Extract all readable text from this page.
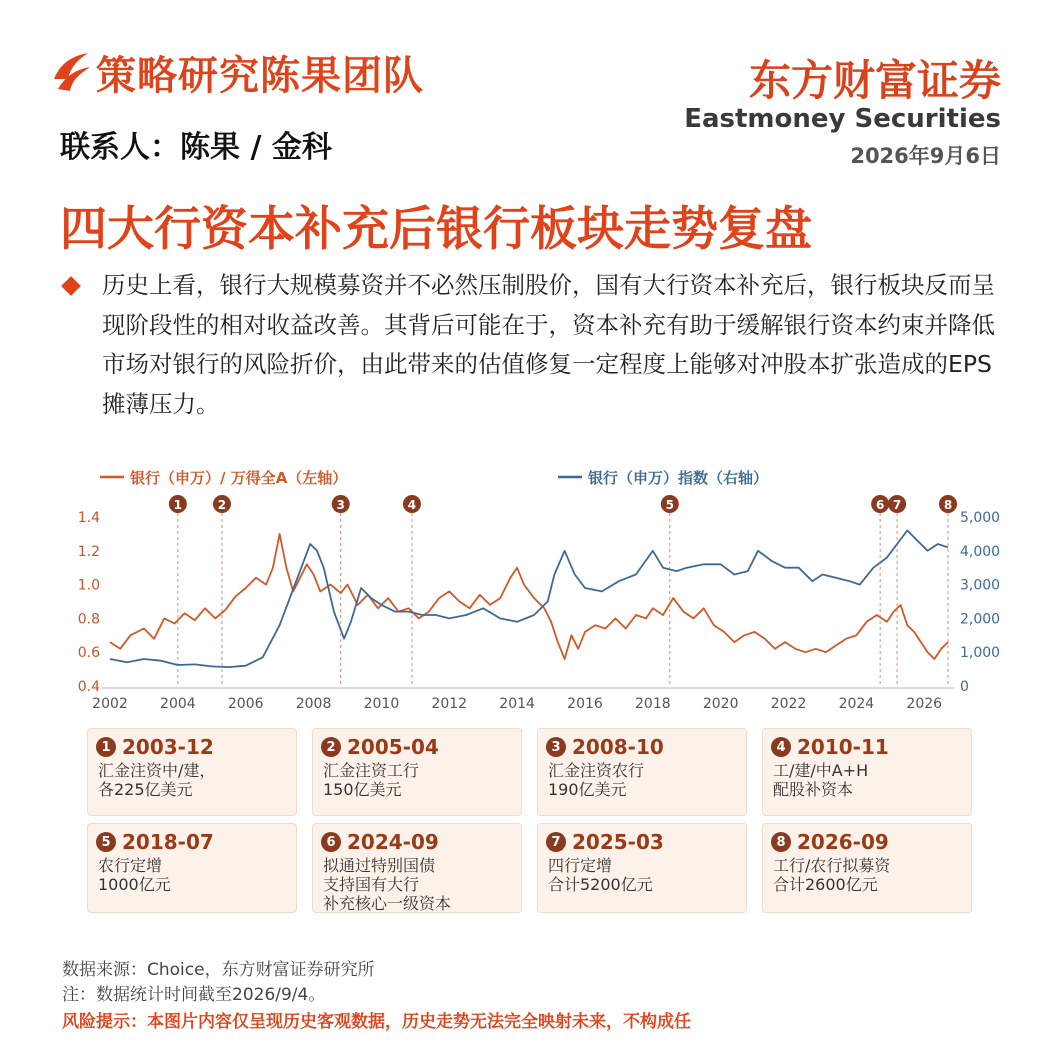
策略研究陈果团队
联系人：陈果 / 金科
东方财富证券
Eastmoney Securities
2026年9月6日
四大行资本补充后银行板块走势复盘
历史上看，银行大规模募资并不必然压制股价，国有大行资本补充后，银行板块反而呈现阶段性的相对收益改善。其背后可能在于，资本补充有助于缓解银行资本约束并降低市场对银行的风险折价，由此带来的估值修复一定程度上能够对冲股本扩张造成的EPS摊薄压力。
银行（申万）/ 万得全A（左轴）	银行（申万）指数（右轴）
2002 2004 2006 2008 2010 2012 2014 2016 2018 2020 2022 2024 2026
1.4
1.2
1.0
0.8
0.6
0.4
5,000
4,000
3,000
2,000
1,000
0
1	2	3	4	5	6 7	8
1 2003-12
汇金注资中/建，
各225亿美元
2 2005-04
汇金注资工行
150亿美元
3 2008-10
汇金注资农行
190亿美元
4 2010-11
工/建/中A+H
配股补资本
5 2018-07
农行定增
1000亿元
6 2024-09
拟通过特别国债
支持国有大行
补充核心一级资本
7 2025-03
四行定增
合计5200亿元
8 2026-09
工行/农行拟募资
合计2600亿元
数据来源：Choice，东方财富证券研究所
注：数据统计时间截至2026/9/4。
风险提示：本图片内容仅呈现历史客观数据，历史走势无法完全映射未来，不构成任
